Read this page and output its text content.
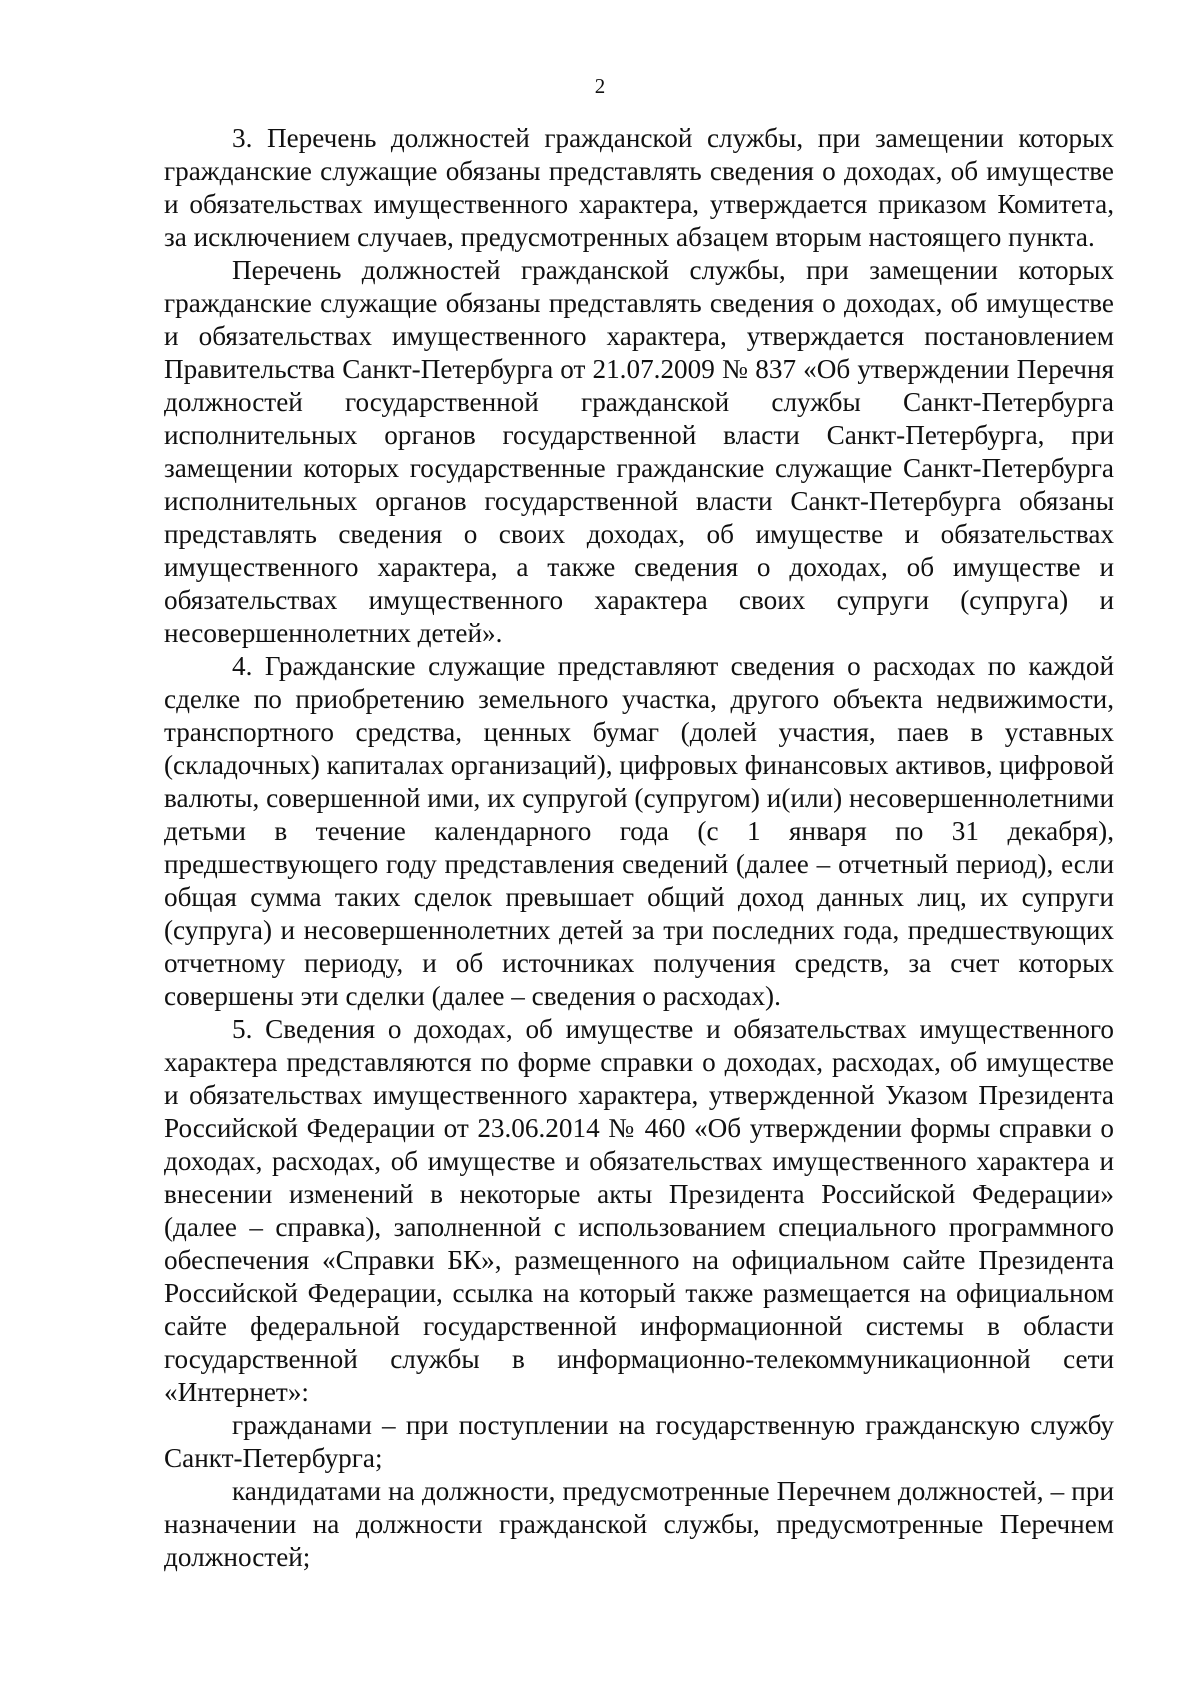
2

3. Перечень должностей гражданской службы, при замещении которых гражданские служащие обязаны представлять сведения о доходах, об имуществе и обязательствах имущественного характера, утверждается приказом Комитета, за исключением случаев, предусмотренных абзацем вторым настоящего пункта.

Перечень должностей гражданской службы, при замещении которых гражданские служащие обязаны представлять сведения о доходах, об имуществе и обязательствах имущественного характера, утверждается постановлением Правительства Санкт-Петербурга от 21.07.2009 № 837 «Об утверждении Перечня должностей государственной гражданской службы Санкт-Петербурга исполнительных органов государственной власти Санкт-Петербурга, при замещении которых государственные гражданские служащие Санкт-Петербурга исполнительных органов государственной власти Санкт-Петербурга обязаны представлять сведения о своих доходах, об имуществе и обязательствах имущественного характера, а также сведения о доходах, об имуществе и обязательствах имущественного характера своих супруги (супруга) и несовершеннолетних детей».

4. Гражданские служащие представляют сведения о расходах по каждой сделке по приобретению земельного участка, другого объекта недвижимости, транспортного средства, ценных бумаг (долей участия, паев в уставных (складочных) капиталах организаций), цифровых финансовых активов, цифровой валюты, совершенной ими, их супругой (супругом) и(или) несовершеннолетними детьми в течение календарного года (с 1 января по 31 декабря), предшествующего году представления сведений (далее – отчетный период), если общая сумма таких сделок превышает общий доход данных лиц, их супруги (супруга) и несовершеннолетних детей за три последних года, предшествующих отчетному периоду, и об источниках получения средств, за счет которых совершены эти сделки (далее – сведения о расходах).

5. Сведения о доходах, об имуществе и обязательствах имущественного характера представляются по форме справки о доходах, расходах, об имуществе и обязательствах имущественного характера, утвержденной Указом Президента Российской Федерации от 23.06.2014 № 460 «Об утверждении формы справки о доходах, расходах, об имуществе и обязательствах имущественного характера и внесении изменений в некоторые акты Президента Российской Федерации» (далее – справка), заполненной с использованием специального программного обеспечения «Справки БК», размещенного на официальном сайте Президента Российской Федерации, ссылка на который также размещается на официальном сайте федеральной государственной информационной системы в области государственной службы в информационно-телекоммуникационной сети «Интернет»:

гражданами – при поступлении на государственную гражданскую службу Санкт-Петербурга;

кандидатами на должности, предусмотренные Перечнем должностей, – при назначении на должности гражданской службы, предусмотренные Перечнем должностей;
